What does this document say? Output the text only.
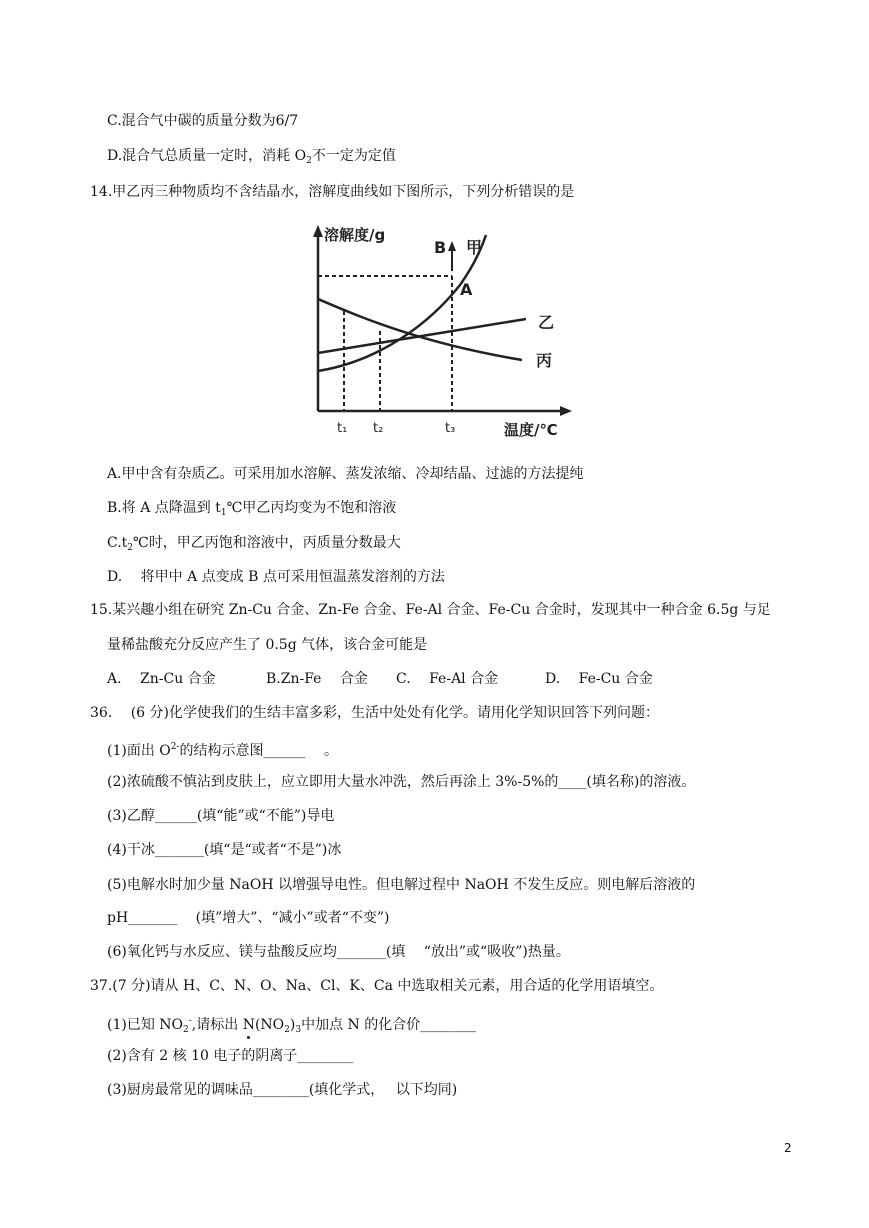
C.混合气中碳的质量分数为6/7
D.混合气总质量一定时，消耗 $O_2$不一定为定值
14.甲乙丙三种物质均不含结晶水，溶解度曲线如下图所示，下列分析错误的是
溶解度/g
温度/℃
B
A
甲
乙
丙
t₁ t₂	t₃
A.甲中含有杂质乙。可采用加水溶解、蒸发浓缩、冷却结晶、过滤的方法提纯
B.将 A 点降温到 $t_1℃$甲乙丙均变为不饱和溶液
$C.t_2℃$时，甲乙丙饱和溶液中，丙质量分数最大
D.　 将甲中 A 点变成 B 点可采用恒温蒸发溶剂的方法
15.某兴趣小组在研究 Zn-Cu 合金、Zn-Fe 合金、Fe-Al 合金、Fe-Cu 合金时，发现其中一种合金 6.5g 与足
量稀盐酸充分反应产生了 0.5g 气体，该合金可能是
A.　 Zn-Cu 合金	B.Zn-Fe　 合金 C.　 Fe-Al 合金	D.　 Fe-Cu 合金
36.　 (6 分)化学使我们的生结丰富多彩，生活中处处有化学。请用化学知识回答下列问题：
(1)面出 $O^{2-}$的结构示意图______　 。
(2)浓硫酸不慎沾到皮肤上，应立即用大量水冲洗，然后再涂上 3%-5%的____(填名称)的溶液。
(3)乙醇______(填“能”或“不能”)导电
(4)干冰_______(填“是“或者“不是”)冰
(5)电解水时加少量 NaOH 以增强导电性。但电解过程中 NaOH 不发生反应。则电解后溶液的
pH_______　 (填”增大”、“减小”或者“不变”)
(6)氧化钙与水反应、镁与盐酸反应均_______(填　 “放出”或“吸收”)热量。
37.(7 分)请从 H、C、N、O、Na、Cl、K、Ca 中选取相关元素，用合适的化学用语填空。
(1)已知 $NO_2^-$,请标出 $N(NO_2)_3$中加点 N 的化合价________
(2)含有 2 核 10 电子的阴离子________
(3)厨房最常见的调味品________(填化学式，　 以下均同)
2
